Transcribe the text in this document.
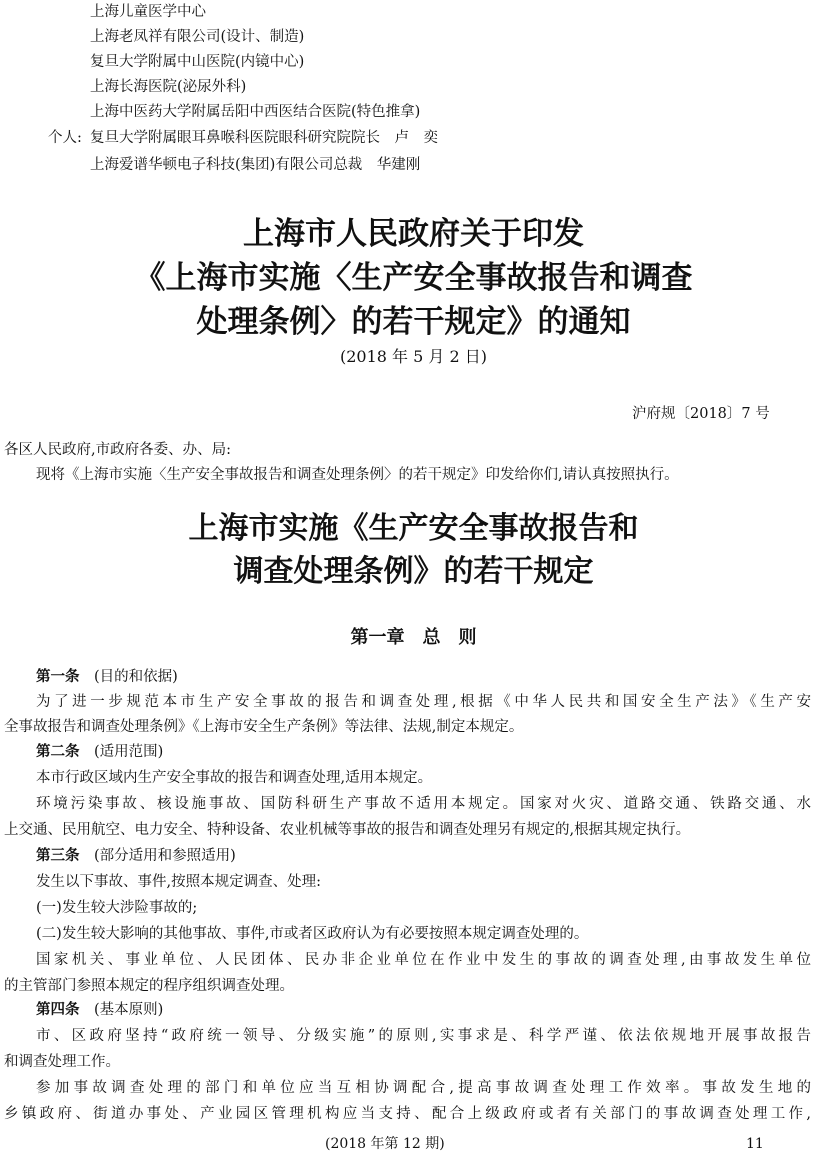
上海儿童医学中心
上海老凤祥有限公司(设计、制造)
复旦大学附属中山医院(内镜中心)
上海长海医院(泌尿外科)
上海中医药大学附属岳阳中西医结合医院(特色推拿)
个人: 复旦大学附属眼耳鼻喉科医院眼科研究院院长　卢　奕
上海爱谱华顿电子科技(集团)有限公司总裁　华建刚
上海市人民政府关于印发
《上海市实施〈生产安全事故报告和调查
处理条例〉的若干规定》的通知
(2018 年 5 月 2 日)
沪府规〔2018〕7 号
各区人民政府,市政府各委、办、局:
现将《上海市实施〈生产安全事故报告和调查处理条例〉的若干规定》印发给你们,请认真按照执行。
上海市实施《生产安全事故报告和
调查处理条例》的若干规定
第一章　总　则
第一条　 (目的和依据)
为了进一步规范本市生产安全事故的报告和调查处理,根据《中华人民共和国安全生产法》《生产安
全事故报告和调查处理条例》《上海市安全生产条例》等法律、法规,制定本规定。
第二条　 (适用范围)
本市行政区域内生产安全事故的报告和调查处理,适用本规定。
环境污染事故、核设施事故、国防科研生产事故不适用本规定。国家对火灾、道路交通、铁路交通、水
上交通、民用航空、电力安全、特种设备、农业机械等事故的报告和调查处理另有规定的,根据其规定执行。
第三条　 (部分适用和参照适用)
发生以下事故、事件,按照本规定调查、处理:
(一)发生较大涉险事故的;
(二)发生较大影响的其他事故、事件,市或者区政府认为有必要按照本规定调查处理的。
国家机关、事业单位、人民团体、民办非企业单位在作业中发生的事故的调查处理,由事故发生单位
的主管部门参照本规定的程序组织调查处理。
第四条　 (基本原则)
市、区政府坚持“政府统一领导、分级实施”的原则,实事求是、科学严谨、依法依规地开展事故报告
和调查处理工作。
参加事故调查处理的部门和单位应当互相协调配合,提高事故调查处理工作效率。事故发生地的
乡镇政府、街道办事处、产业园区管理机构应当支持、配合上级政府或者有关部门的事故调查处理工作,
(2018 年第 12 期)	11
